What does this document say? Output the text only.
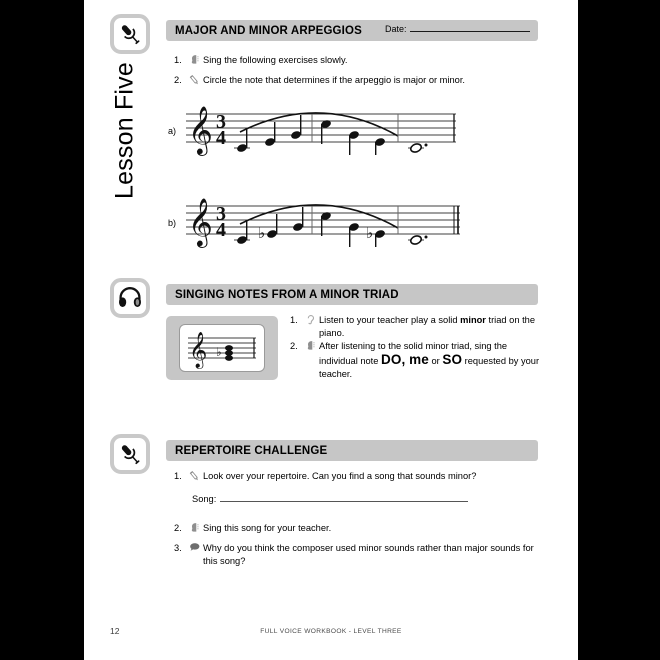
Lesson Five
MAJOR AND MINOR ARPEGGIOS	Date:
1.	Sing the following exercises slowly.
2.	Circle the note that determines if the arpeggio is major or minor.
a) 𝄞 3
4
b) 𝄞 3
4 ♭	♭
SINGING NOTES FROM A MINOR TRIAD
𝄞 ♭
1.	Listen to your teacher play a solid minor triad on the piano.
2.	After listening to the solid minor triad, sing the individual note DO, me or SO requested by your teacher.
REPERTOIRE CHALLENGE
1.	Look over your repertoire. Can you find a song that sounds minor?
Song:
2.	Sing this song for your teacher.
3.	Why do you think the composer used minor sounds rather than major sounds for this song?
12	FULL VOICE WORKBOOK - LEVEL THREE
